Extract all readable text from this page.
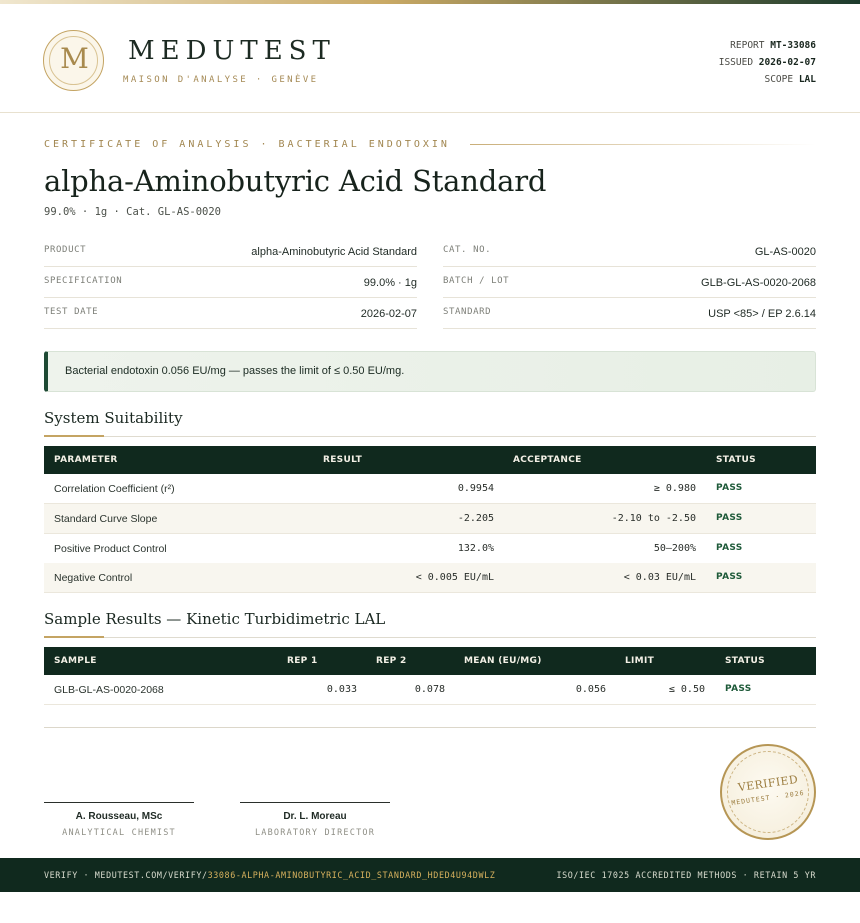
M	MEDUTEST
MAISON D'ANALYSE · GENÈVE
REPORT MT-33086
ISSUED 2026-02-07
SCOPE LAL
CERTIFICATE OF ANALYSIS · BACTERIAL ENDOTOXIN
alpha-Aminobutyric Acid Standard
99.0% · 1g · Cat. GL-AS-0020
PRODUCT	alpha-Aminobutyric Acid Standard	CAT. NO.	GL-AS-0020
SPECIFICATION	99.0% · 1g	BATCH / LOT	GLB-GL-AS-0020-2068
TEST DATE	2026-02-07	STANDARD	USP <85> / EP 2.6.14
Bacterial endotoxin 0.056 EU/mg — passes the limit of ≤ 0.50 EU/mg.
System Suitability
PARAMETER	RESULT	ACCEPTANCE	STATUS
Correlation Coefficient (r²)	0.9954	≥ 0.980 PASS
Standard Curve Slope	-2.205	-2.10 to -2.50 PASS
Positive Product Control	132.0%	50–200% PASS
Negative Control	< 0.005 EU/mL	< 0.03 EU/mL PASS
Sample Results — Kinetic Turbidimetric LAL
SAMPLE	REP 1	REP 2	MEAN (EU/MG)	LIMIT	STATUS
GLB-GL-AS-0020-2068	0.033	0.078	0.056	≤ 0.50 PASS
A. Rousseau, MSc
ANALYTICAL CHEMIST
Dr. L. Moreau
LABORATORY DIRECTOR
VERIFIED
MEDUTEST · 2026
VERIFY · MEDUTEST.COM/VERIFY/33086-ALPHA-AMINOBUTYRIC_ACID_STANDARD_HDED4U94DWLZ	ISO/IEC 17025 ACCREDITED METHODS · RETAIN 5 YR
